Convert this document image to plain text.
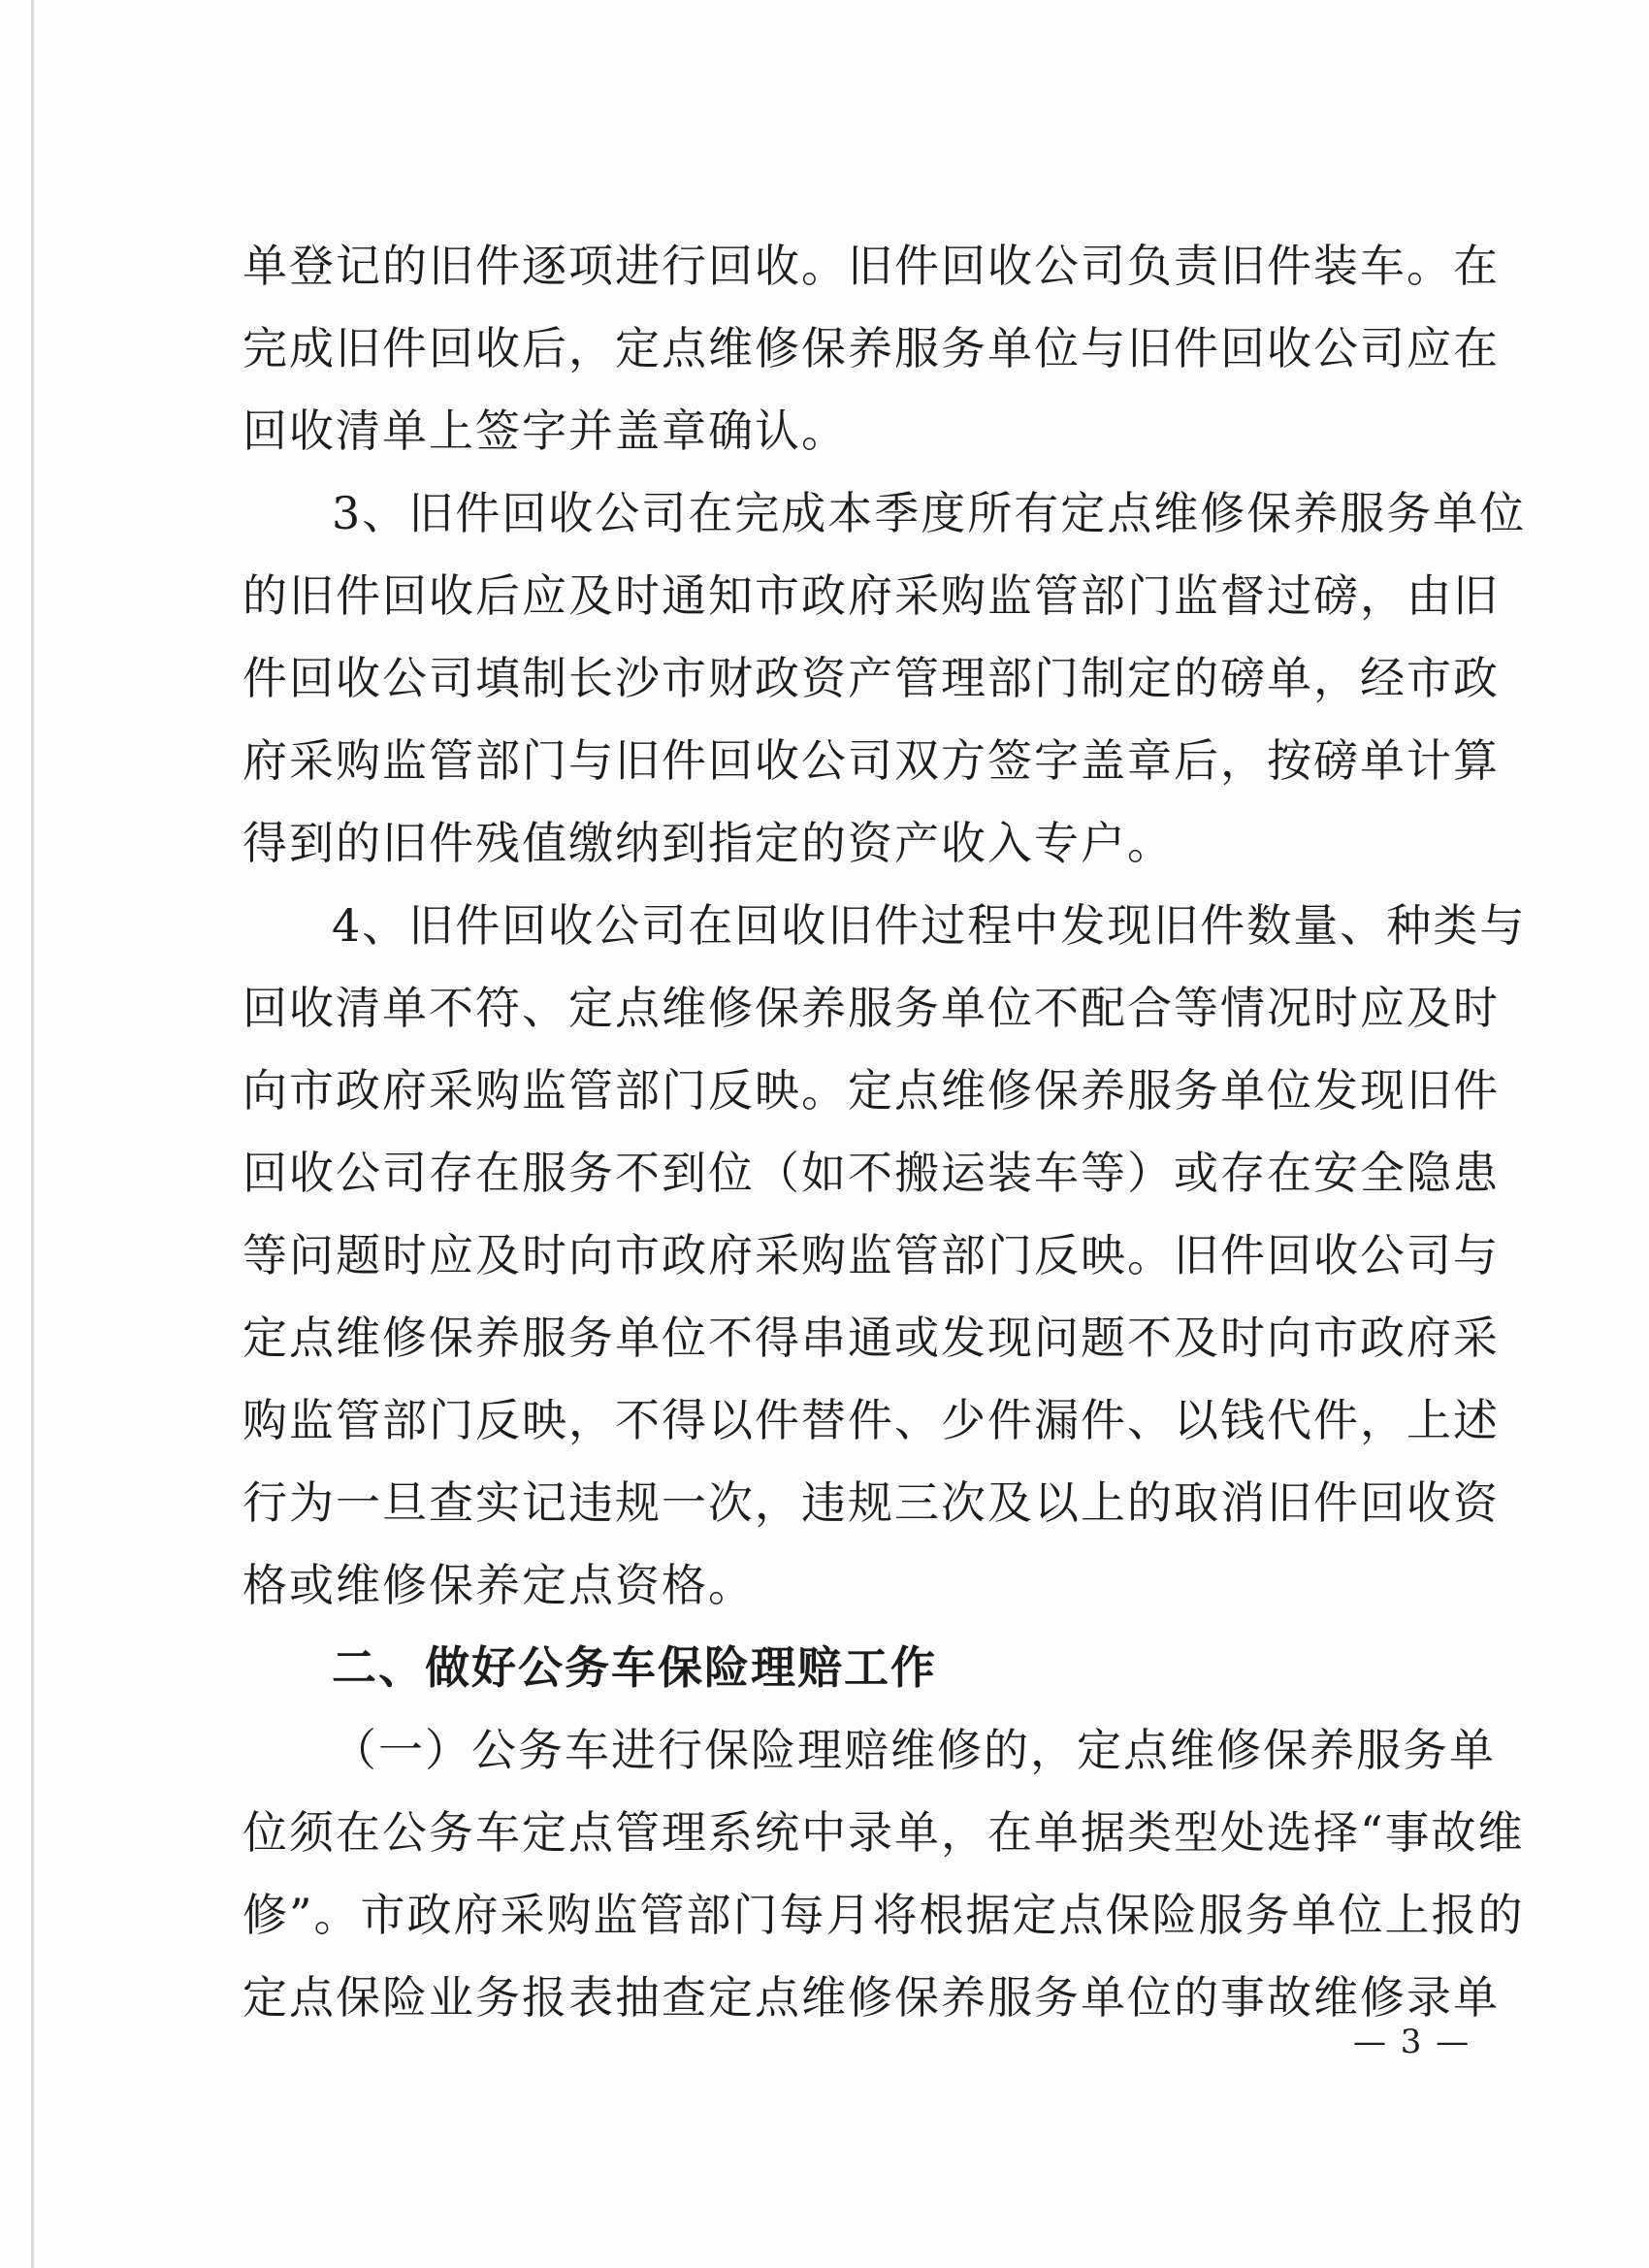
单登记的旧件逐项进行回收。旧件回收公司负责旧件装车。在
完成旧件回收后，定点维修保养服务单位与旧件回收公司应在
回收清单上签字并盖章确认。
3、旧件回收公司在完成本季度所有定点维修保养服务单位
的旧件回收后应及时通知市政府采购监管部门监督过磅，由旧
件回收公司填制长沙市财政资产管理部门制定的磅单，经市政
府采购监管部门与旧件回收公司双方签字盖章后，按磅单计算
得到的旧件残值缴纳到指定的资产收入专户。
4、旧件回收公司在回收旧件过程中发现旧件数量、种类与
回收清单不符、定点维修保养服务单位不配合等情况时应及时
向市政府采购监管部门反映。定点维修保养服务单位发现旧件
回收公司存在服务不到位（如不搬运装车等）或存在安全隐患
等问题时应及时向市政府采购监管部门反映。旧件回收公司与
定点维修保养服务单位不得串通或发现问题不及时向市政府采
购监管部门反映，不得以件替件、少件漏件、以钱代件，上述
行为一旦查实记违规一次，违规三次及以上的取消旧件回收资
格或维修保养定点资格。
二、做好公务车保险理赔工作
（一）公务车进行保险理赔维修的，定点维修保养服务单
位须在公务车定点管理系统中录单，在单据类型处选择“事故维
修”。市政府采购监管部门每月将根据定点保险服务单位上报的
定点保险业务报表抽查定点维修保养服务单位的事故维修录单
— 3 —
